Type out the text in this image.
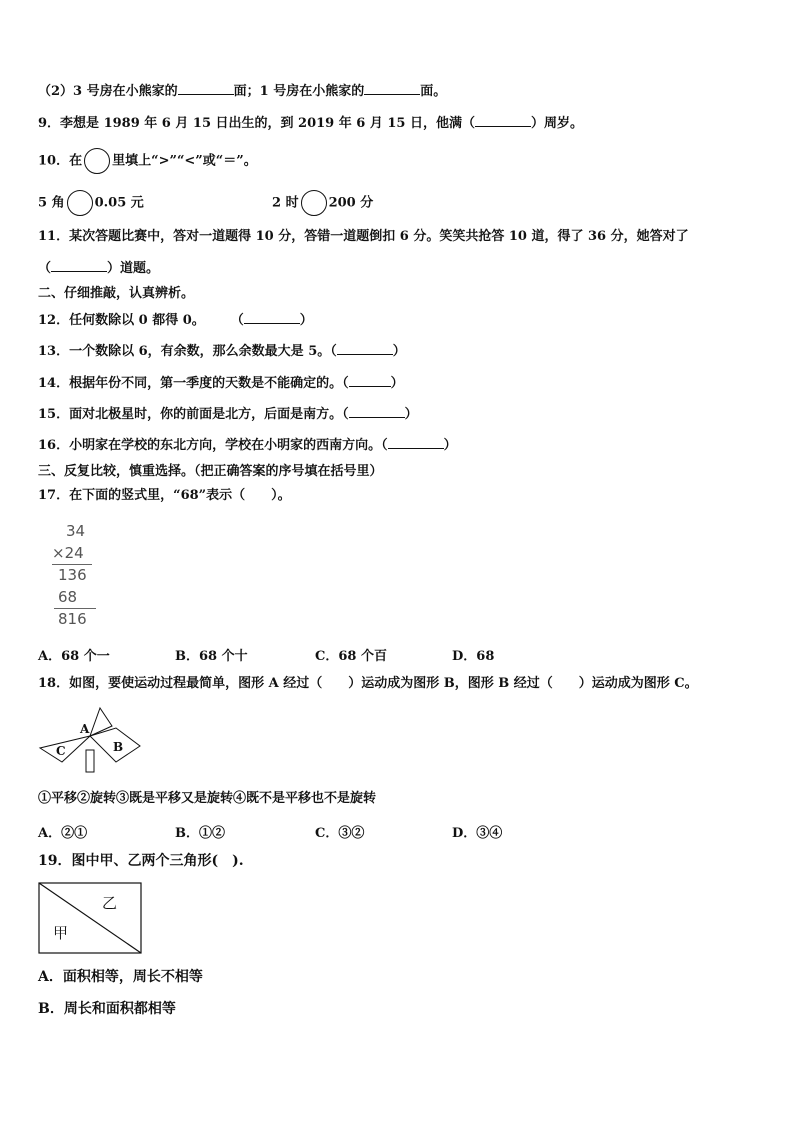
（2）3 号房在小熊家的	面；1 号房在小熊家的	面。
9．李想是 1989 年 6 月 15 日出生的，到 2019 年 6 月 15 日，他满（	）周岁。
10．在 里填上“>”“<”或“＝”。
5 角 0.05 元	2 时 200 分
11．某次答题比赛中，答对一道题得 10 分，答错一道题倒扣 6 分。笑笑共抢答 10 道，得了 36 分，她答对了
（	）道题。
二、仔细推敲，认真辨析。
12．任何数除以 0 都得 0。 （	）
13．一个数除以 6，有余数，那么余数最大是 5。（	）
14．根据年份不同，第一季度的天数是不能确定的。（	）
15．面对北极星时，你的前面是北方，后面是南方。（	）
16．小明家在学校的东北方向，学校在小明家的西南方向。（	）
三、反复比较，慎重选择。（把正确答案的序号填在括号里）
17．在下面的竖式里，“68”表示（　　）。
34
×24
136
68
816
A．68 个一	B．68 个十	C．68 个百	D．68
18．如图，要使运动过程最简单，图形 A 经过（　　）运动成为图形 B，图形 B 经过（　　）运动成为图形 C。
A
B
C
①平移②旋转③既是平移又是旋转④既不是平移也不是旋转
A．②①	B．①②	C．③②	D．③④
19．图中甲、乙两个三角形(　).
甲
乙
A．面积相等，周长不相等
B．周长和面积都相等
